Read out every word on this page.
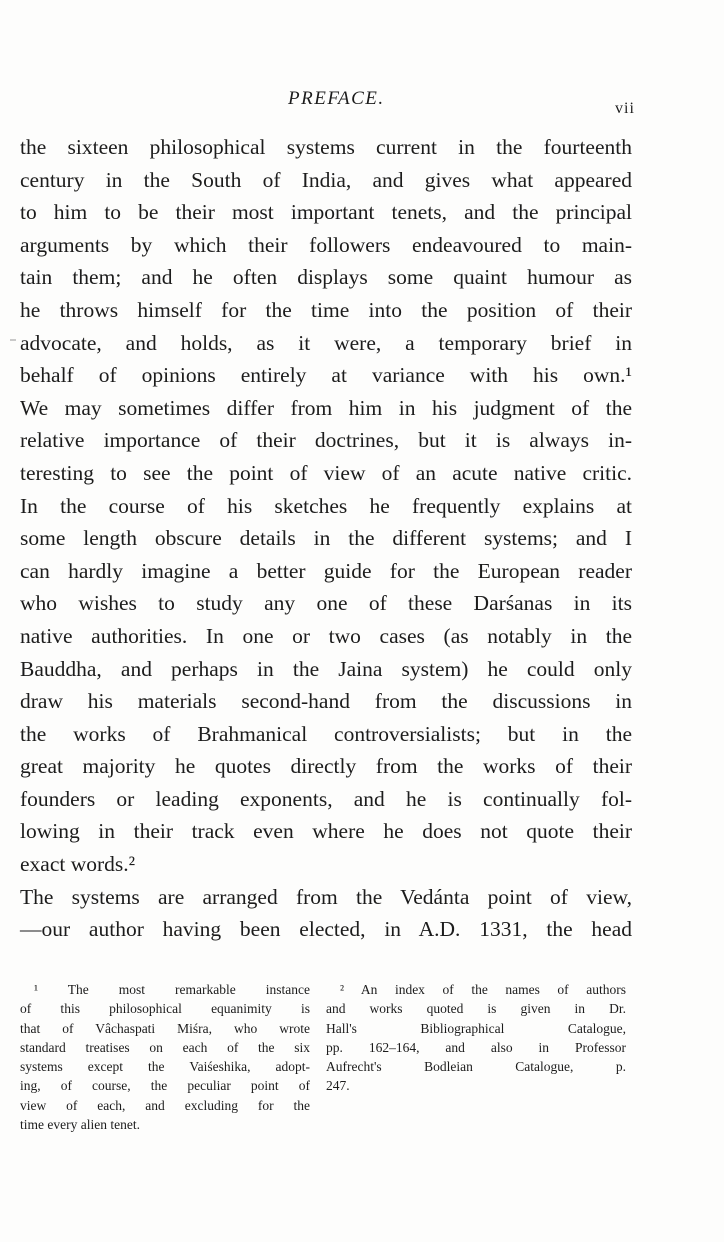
PREFACE.	vii
the sixteen philosophical systems current in the fourteenth
century in the South of India, and gives what appeared
to him to be their most important tenets, and the principal
arguments by which their followers endeavoured to main-
tain them; and he often displays some quaint humour as
he throws himself for the time into the position of their
advocate, and holds, as it were, a temporary brief in
behalf of opinions entirely at variance with his own.¹
We may sometimes differ from him in his judgment of the
relative importance of their doctrines, but it is always in-
teresting to see the point of view of an acute native critic.
In the course of his sketches he frequently explains at
some length obscure details in the different systems; and I
can hardly imagine a better guide for the European reader
who wishes to study any one of these Darśanas in its
native authorities. In one or two cases (as notably in the
Bauddha, and perhaps in the Jaina system) he could only
draw his materials second-hand from the discussions in
the works of Brahmanical controversialists; but in the
great majority he quotes directly from the works of their
founders or leading exponents, and he is continually fol-
lowing in their track even where he does not quote their
exact words.²
The systems are arranged from the Vedánta point of view,
—our author having been elected, in A.D. 1331, the head
¹ The most remarkable instance
of this philosophical equanimity is
that of Vâchaspati Miśra, who wrote
standard treatises on each of the six
systems except the Vaiśeshika, adopt-
ing, of course, the peculiar point of
view of each, and excluding for the
time every alien tenet.
² An index of the names of authors
and works quoted is given in Dr.
Hall's Bibliographical Catalogue,
pp. 162–164, and also in Professor
Aufrecht's Bodleian Catalogue, p.
247.
